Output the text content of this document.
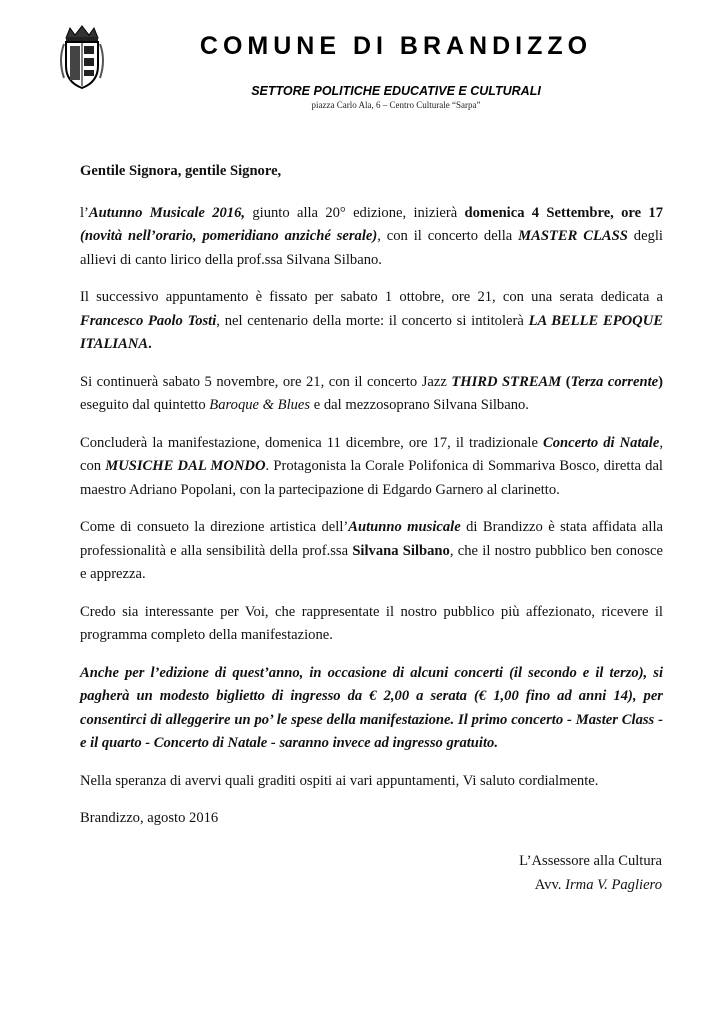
COMUNE DI BRANDIZZO
SETTORE POLITICHE EDUCATIVE E CULTURALI
piazza Carlo Ala, 6 – Centro Culturale “Sarpa”

Gentile Signora, gentile Signore,

l’Autunno Musicale 2016, giunto alla 20° edizione, inizierà domenica 4 Settembre, ore 17 (novità nell’orario, pomeridiano anziché serale), con il concerto della MASTER CLASS degli allievi di canto lirico della prof.ssa Silvana Silbano.

Il successivo appuntamento è fissato per sabato 1 ottobre, ore 21, con una serata dedicata a Francesco Paolo Tosti, nel centenario della morte: il concerto si intitolerà LA BELLE EPOQUE ITALIANA.

Si continuerà sabato 5 novembre, ore 21, con il concerto Jazz THIRD STREAM (Terza corrente) eseguito dal quintetto Baroque & Blues e dal mezzosoprano Silvana Silbano.

Concluderà la manifestazione, domenica 11 dicembre, ore 17, il tradizionale Concerto di Natale, con MUSICHE DAL MONDO. Protagonista la Corale Polifonica di Sommariva Bosco, diretta dal maestro Adriano Popolani, con la partecipazione di Edgardo Garnero al clarinetto.

Come di consueto la direzione artistica dell’Autunno musicale di Brandizzo è stata affidata alla professionalità e alla sensibilità della prof.ssa Silvana Silbano, che il nostro pubblico ben conosce e apprezza.

Credo sia interessante per Voi, che rappresentate il nostro pubblico più affezionato, ricevere il programma completo della manifestazione.

Anche per l’edizione di quest’anno, in occasione di alcuni concerti (il secondo e il terzo), si pagherà un modesto biglietto di ingresso da € 2,00 a serata (€ 1,00 fino ad anni 14), per consentirci di alleggerire un po’ le spese della manifestazione. Il primo concerto - Master Class - e il quarto - Concerto di Natale - saranno invece ad ingresso gratuito.

Nella speranza di avervi quali graditi ospiti ai vari appuntamenti, Vi saluto cordialmente.

Brandizzo, agosto 2016

L’Assessore alla Cultura
Avv. Irma V. Pagliero
